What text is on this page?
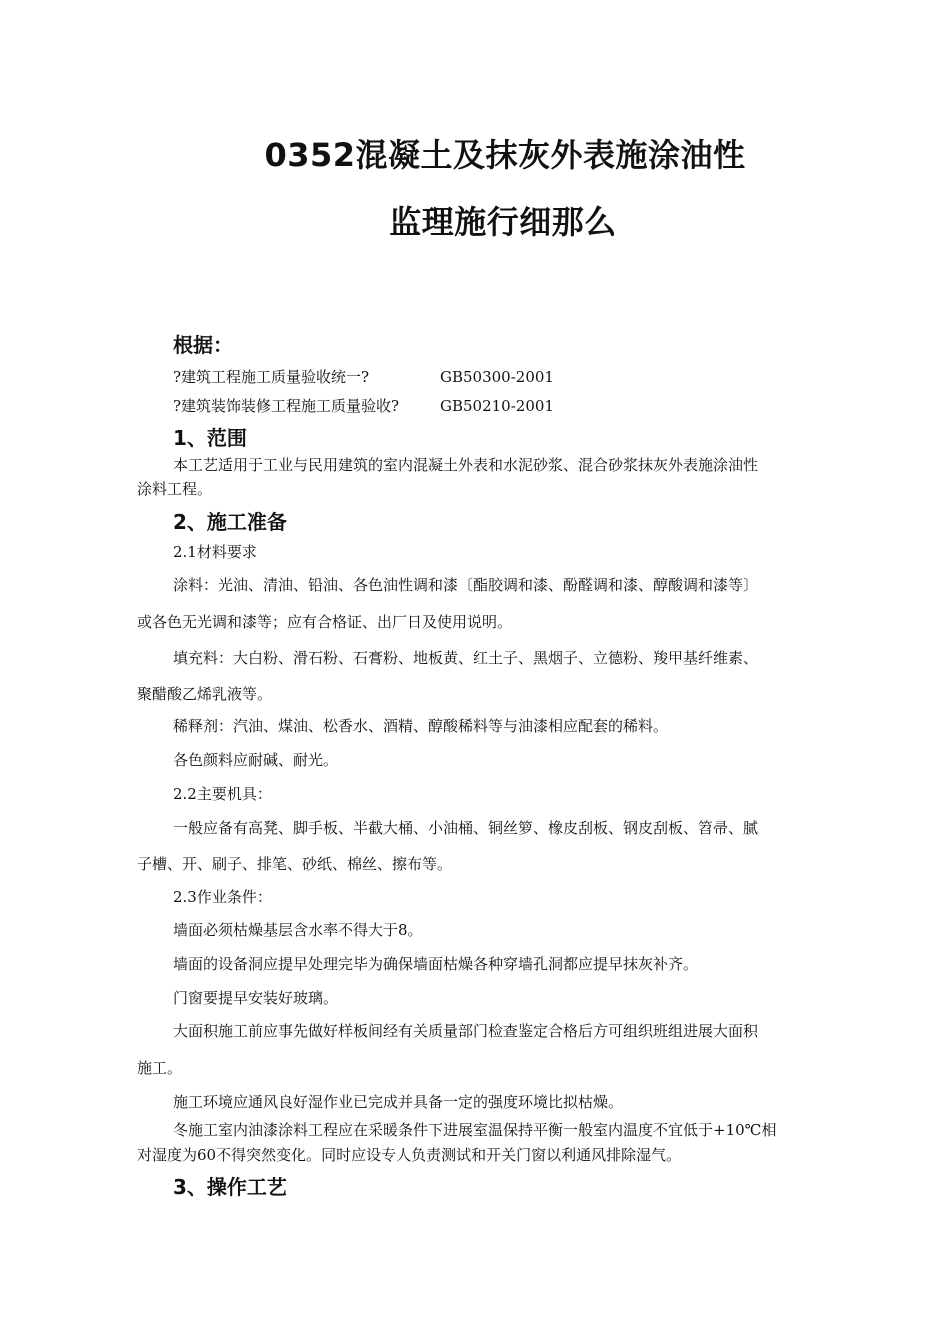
0352混凝土及抹灰外表施涂油性
监理施行细那么
根据：
?建筑工程施工质量验收统一?	GB50300-2001
?建筑装饰装修工程施工质量验收?	GB50210-2001
1、范围
本工艺适用于工业与民用建筑的室内混凝土外表和水泥砂浆、混合砂浆抹灰外表施涂油性
涂料工程。
2、施工准备
2.1材料要求
涂料：光油、清油、铅油、各色油性调和漆〔酯胶调和漆、酚醛调和漆、醇酸调和漆等〕
或各色无光调和漆等；应有合格证、出厂日及使用说明。
填充料：大白粉、滑石粉、石膏粉、地板黄、红土子、黑烟子、立德粉、羧甲基纤维素、
聚醋酸乙烯乳液等。
稀释剂：汽油、煤油、松香水、酒精、醇酸稀料等与油漆相应配套的稀料。
各色颜料应耐碱、耐光。
2.2主要机具：
一般应备有高凳、脚手板、半截大桶、小油桶、铜丝箩、橡皮刮板、钢皮刮板、笤帚、腻
子槽、开、刷子、排笔、砂纸、棉丝、擦布等。
2.3作业条件：
墙面必须枯燥基层含水率不得大于8。
墙面的设备洞应提早处理完毕为确保墙面枯燥各种穿墙孔洞都应提早抹灰补齐。
门窗要提早安装好玻璃。
大面积施工前应事先做好样板间经有关质量部门检查鉴定合格后方可组织班组进展大面积
施工。
施工环境应通风良好湿作业已完成并具备一定的强度环境比拟枯燥。
冬施工室内油漆涂料工程应在采暖条件下进展室温保持平衡一般室内温度不宜低于+10℃相
对湿度为60不得突然变化。同时应设专人负责测试和开关门窗以利通风排除湿气。
3、操作工艺
